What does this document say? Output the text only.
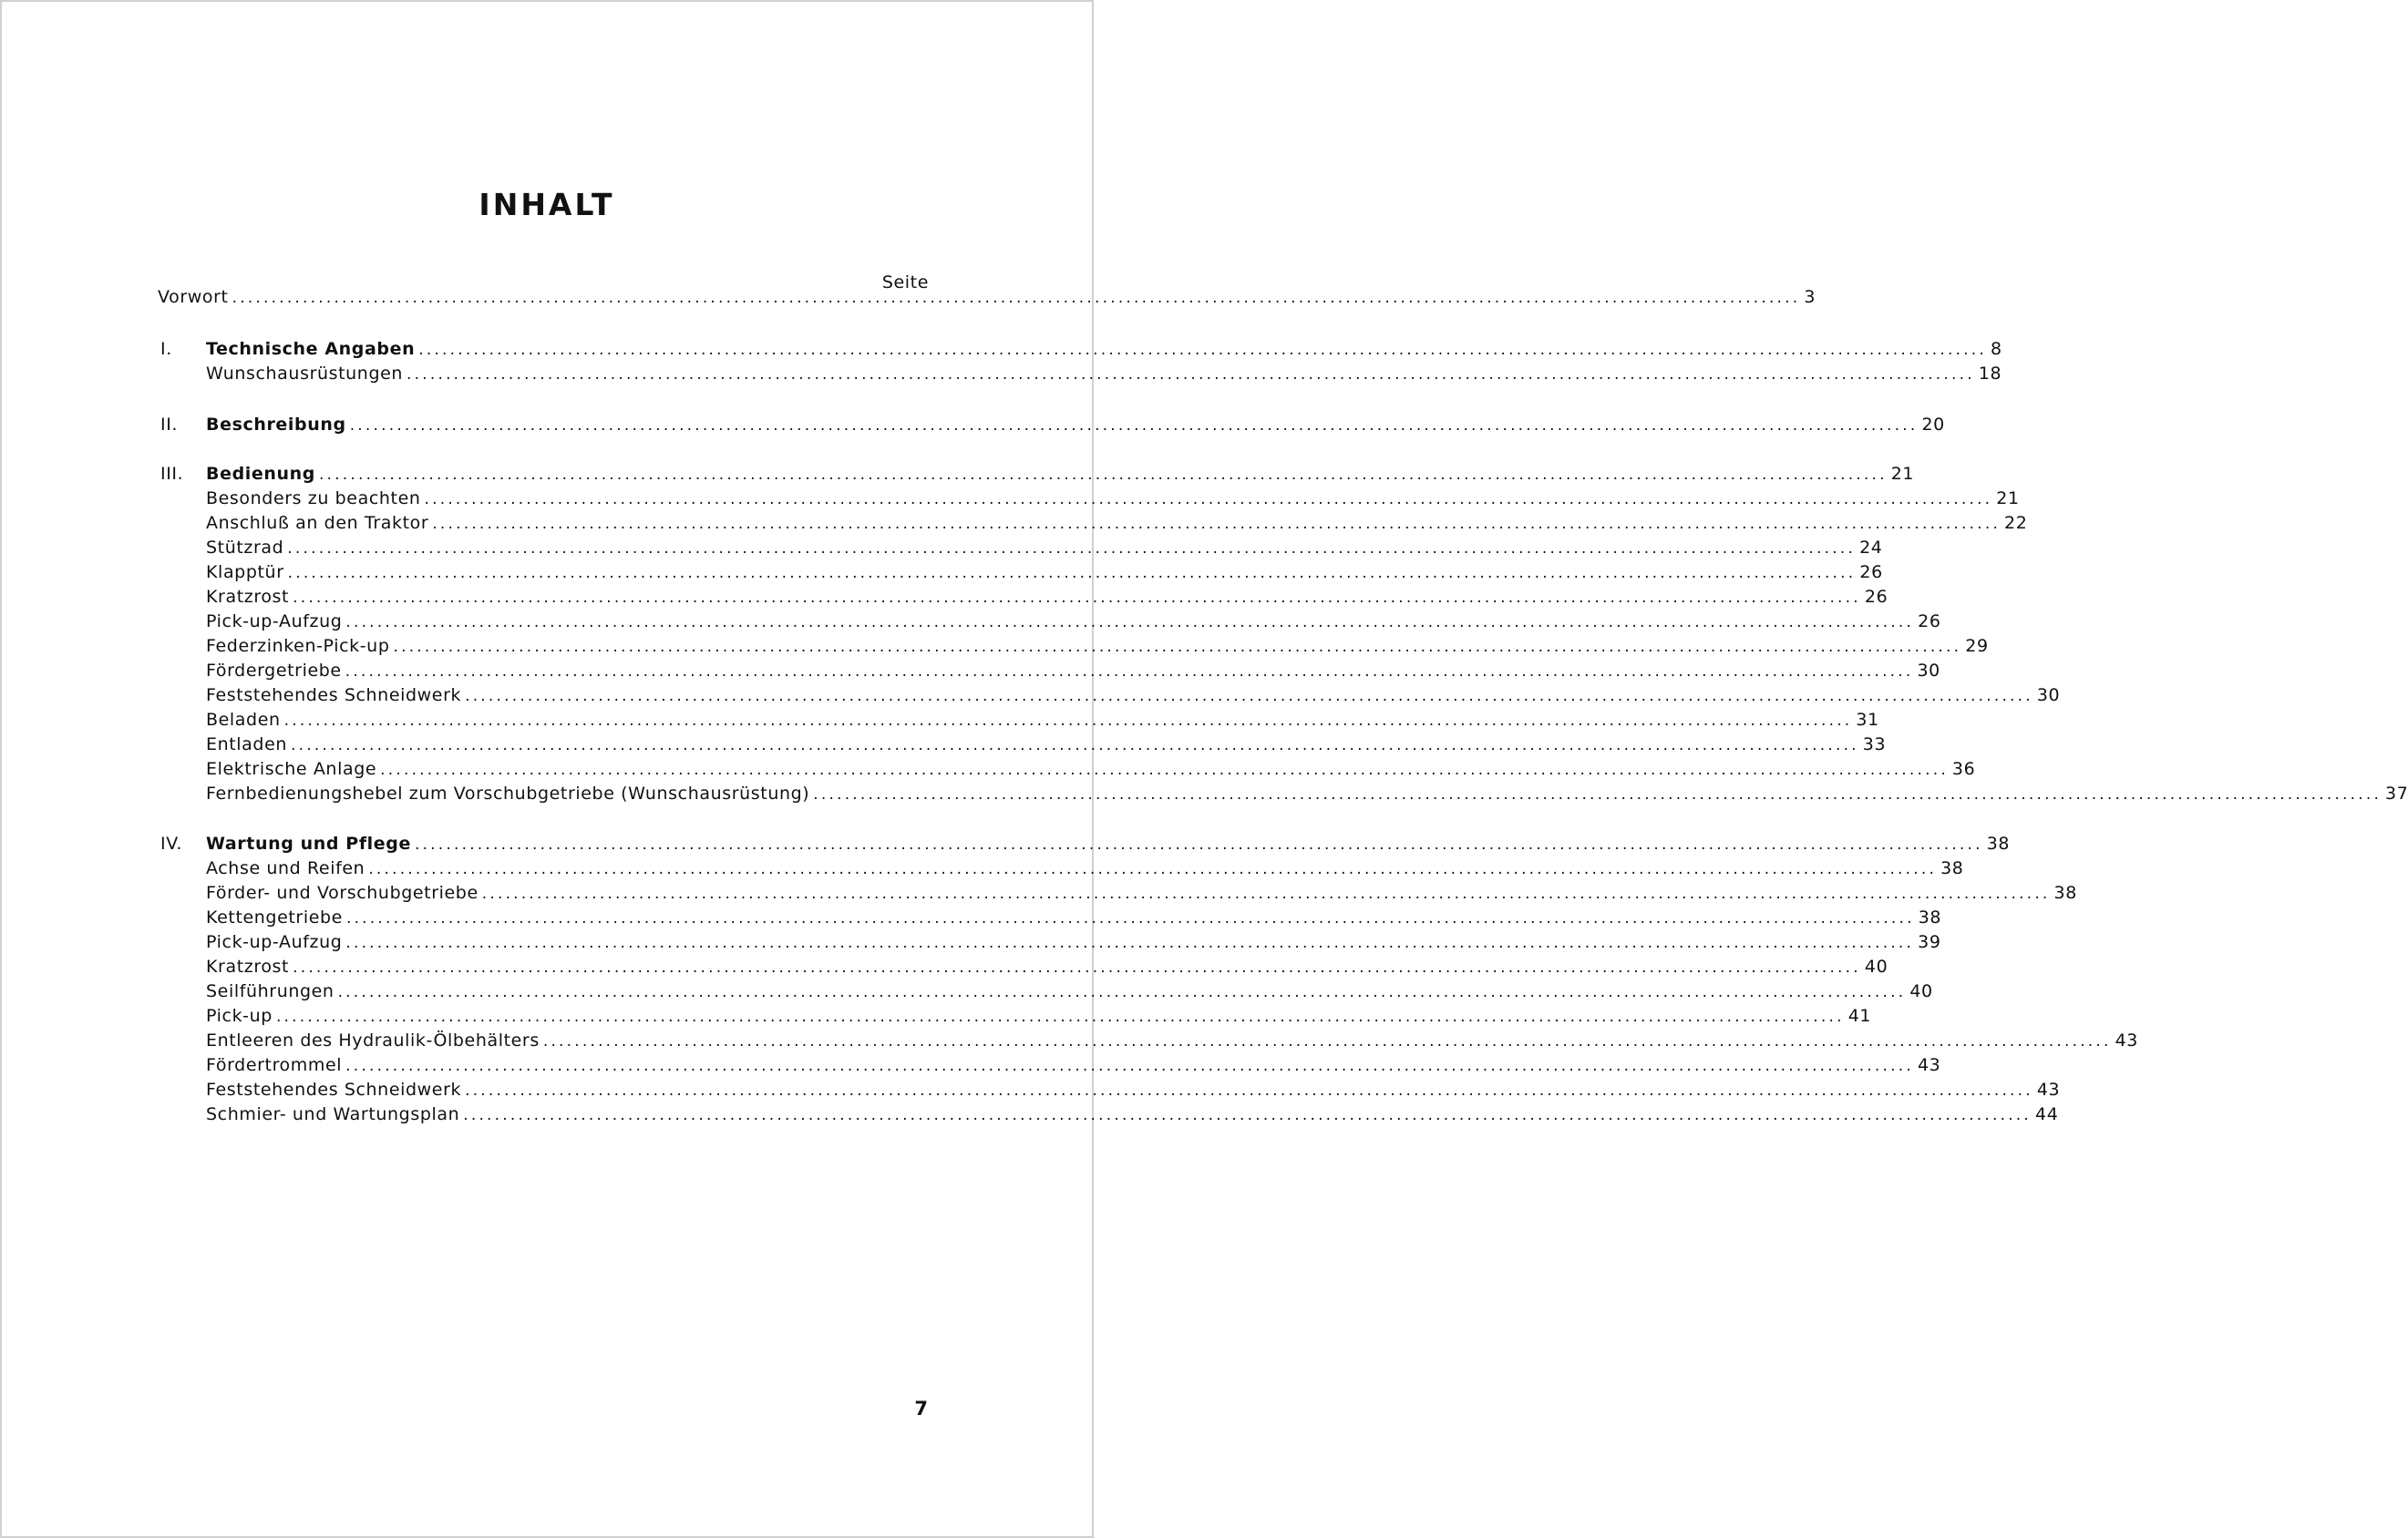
INHALT
Seite
Vorwort ........................................................................................................................................................................................................ 3
Technische Angaben ........................................................................................................................................................................................................ 8
I.
Wunschausrüstungen ........................................................................................................................................................................................................ 18
Beschreibung ........................................................................................................................................................................................................ 20
II.
Bedienung ........................................................................................................................................................................................................ 21
III.
Besonders zu beachten ........................................................................................................................................................................................................ 21
Anschluß an den Traktor ........................................................................................................................................................................................................ 22
Stützrad ........................................................................................................................................................................................................ 24
Klapptür ........................................................................................................................................................................................................ 26
Kratzrost ........................................................................................................................................................................................................ 26
Pick-up-Aufzug ........................................................................................................................................................................................................ 26
Federzinken-Pick-up ........................................................................................................................................................................................................ 29
Fördergetriebe ........................................................................................................................................................................................................ 30
Feststehendes Schneidwerk ........................................................................................................................................................................................................ 30
Beladen ........................................................................................................................................................................................................ 31
Entladen ........................................................................................................................................................................................................ 33
Elektrische Anlage ........................................................................................................................................................................................................ 36
Fernbedienungshebel zum Vorschubgetriebe (Wunschausrüstung) ........................................................................................................................................................................................................ 37
Wartung und Pflege ........................................................................................................................................................................................................ 38
IV.
Achse und Reifen ........................................................................................................................................................................................................ 38
Förder- und Vorschubgetriebe ........................................................................................................................................................................................................ 38
Kettengetriebe ........................................................................................................................................................................................................ 38
Pick-up-Aufzug ........................................................................................................................................................................................................ 39
Kratzrost ........................................................................................................................................................................................................ 40
Seilführungen ........................................................................................................................................................................................................ 40
Pick-up ........................................................................................................................................................................................................ 41
Entleeren des Hydraulik-Ölbehälters ........................................................................................................................................................................................................ 43
Fördertrommel ........................................................................................................................................................................................................ 43
Feststehendes Schneidwerk ........................................................................................................................................................................................................ 43
Schmier- und Wartungsplan ........................................................................................................................................................................................................ 44
7
